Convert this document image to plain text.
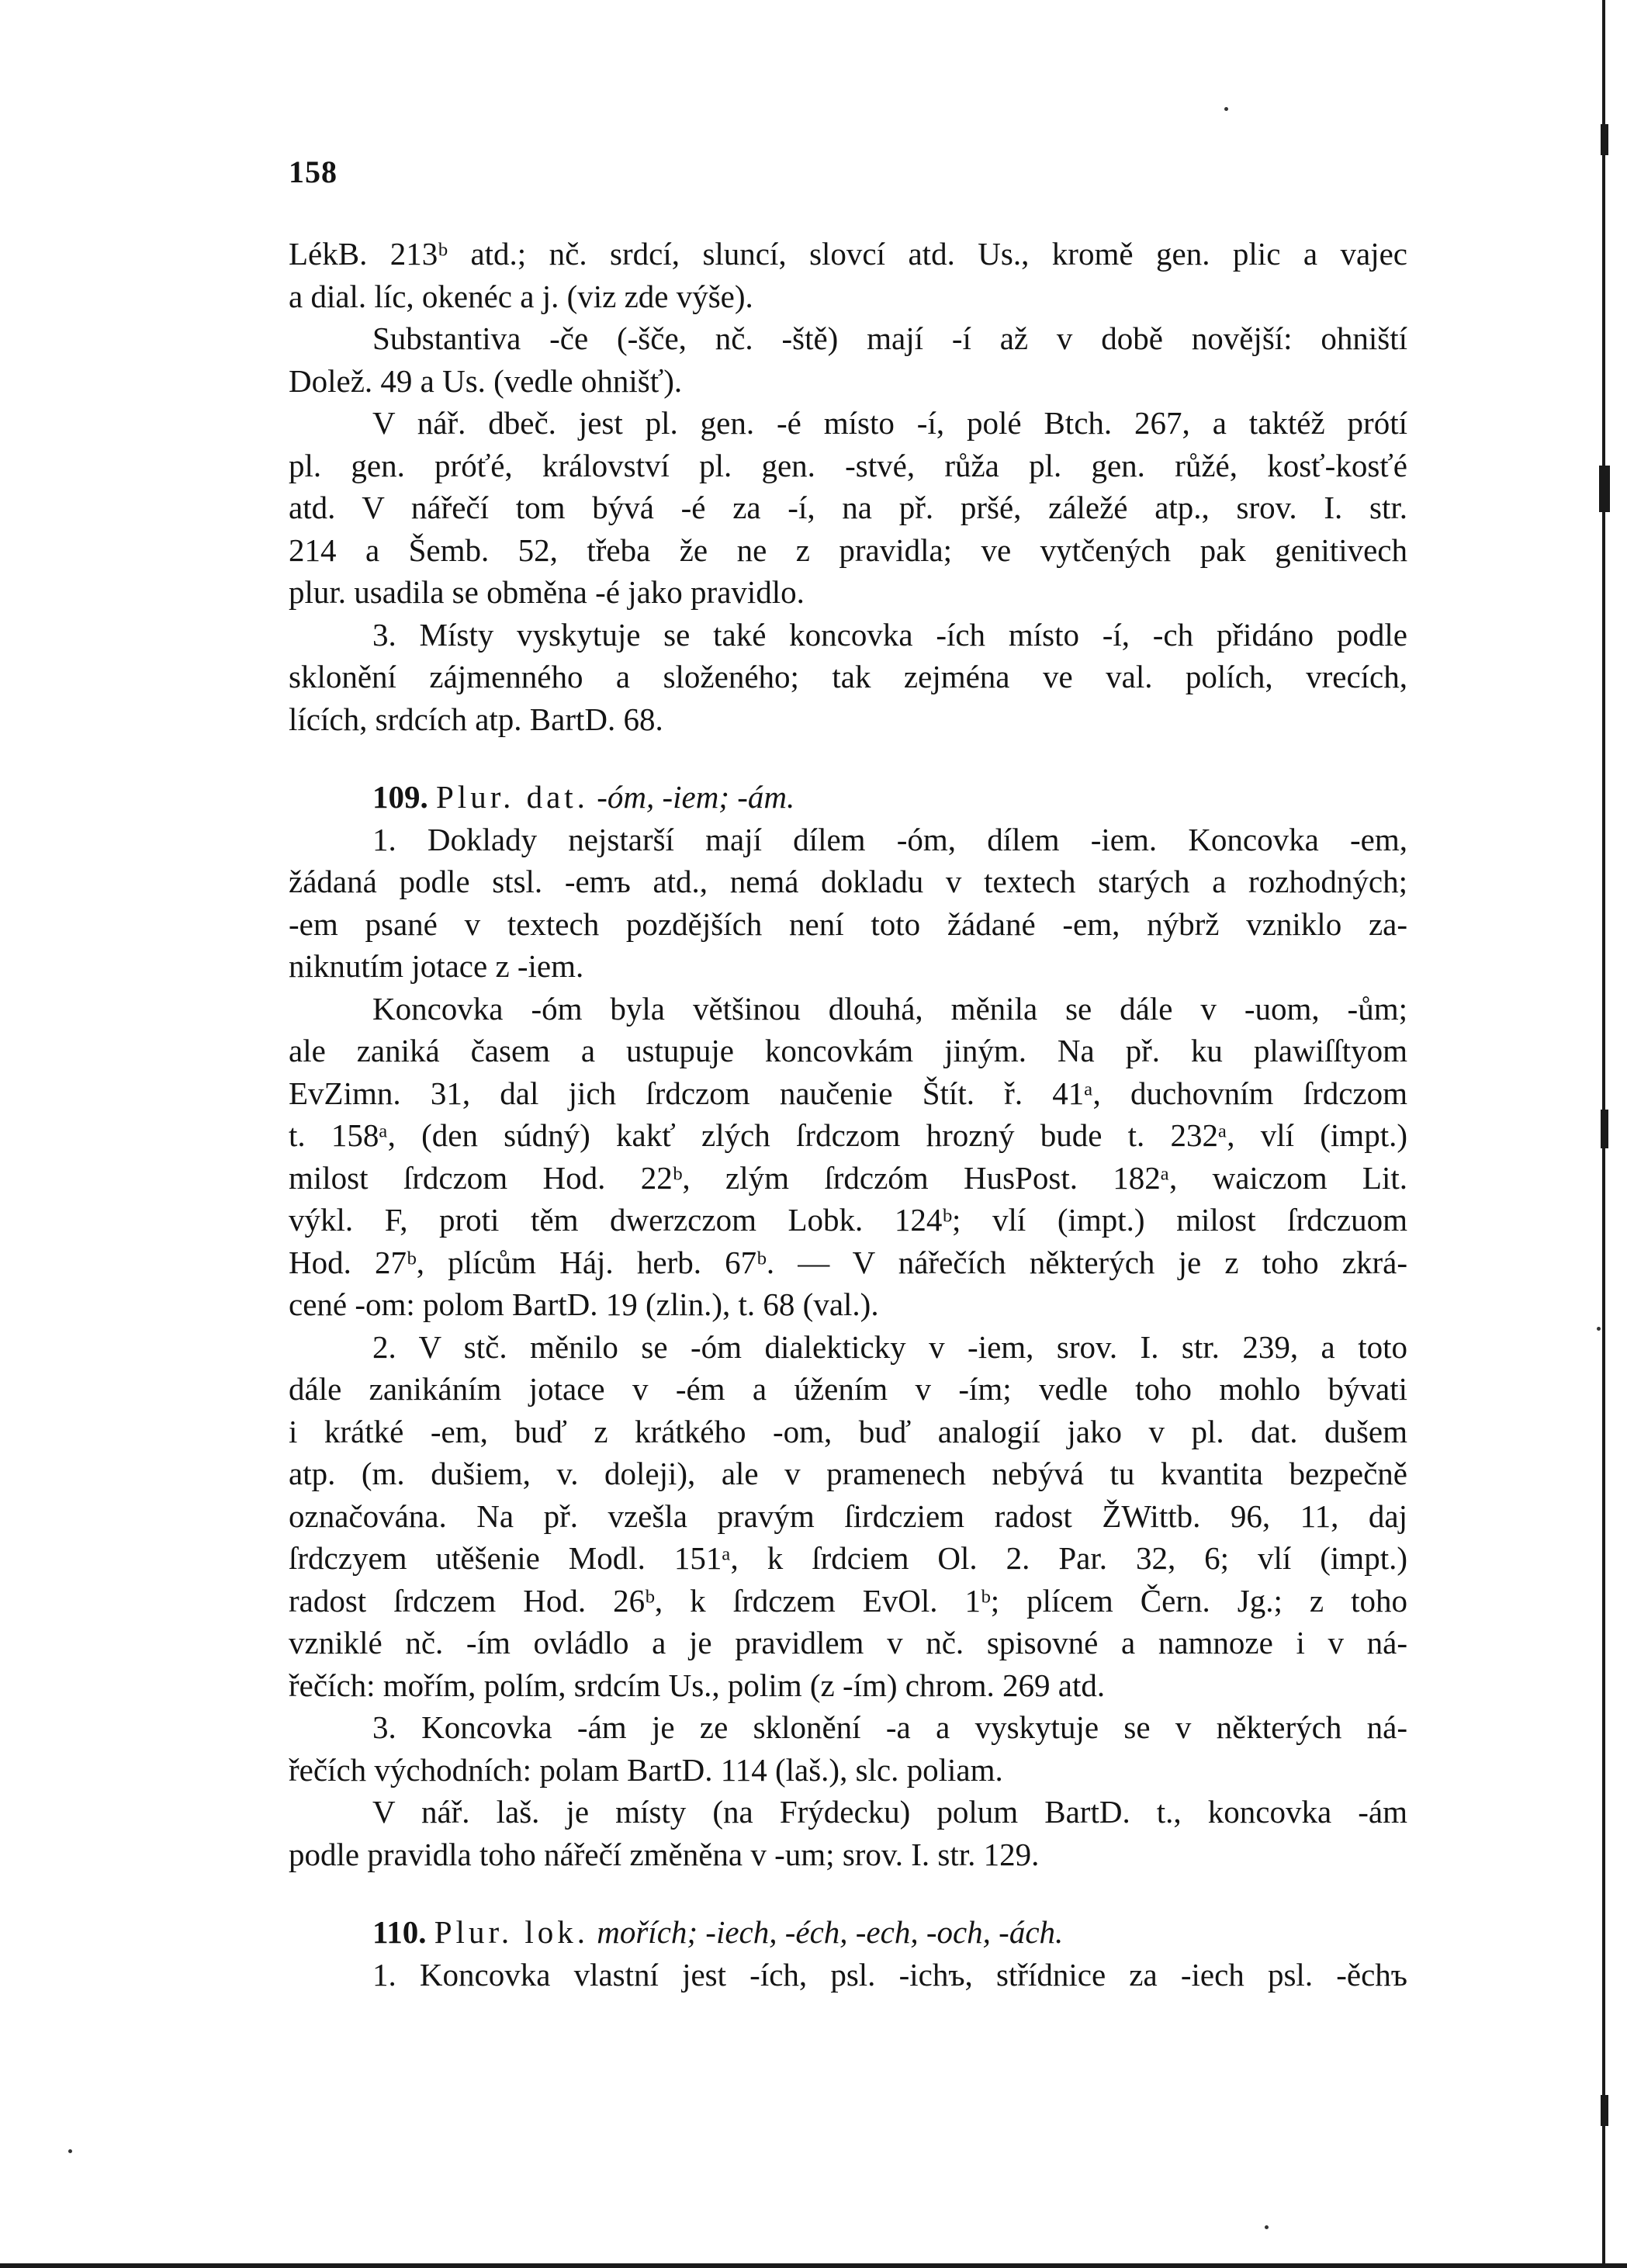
158
LékB. 213ᵇ atd.; nč. srdcí, sluncí, slovcí atd. Us., kromě gen. plic a vajec
a dial. líc, okenéc a j. (viz zde výše).
Substantiva -če (-šče, nč. -ště) mají -í až v době novější: ohniští
Dolež. 49 a Us. (vedle ohnišť).
V nář. dbeč. jest pl. gen. -é místo -í, polé Btch. 267, a taktéž prótí
pl. gen. próťé, království pl. gen. -stvé, růža pl. gen. růžé, kosť-kosťé
atd. V nářečí tom bývá -é za -í, na př. pršé, záležé atp., srov. I. str.
214 a Šemb. 52, třeba že ne z pravidla; ve vytčených pak genitivech
plur. usadila se obměna -é jako pravidlo.
3. Místy vyskytuje se také koncovka -ích místo -í, -ch přidáno podle
sklonění zájmenného a složeného; tak zejména ve val. polích, vrecích,
lících, srdcích atp. BartD. 68.
109. Plur. dat. -óm, -iem; -ám.
1. Doklady nejstarší mají dílem -óm, dílem -iem. Koncovka -em,
žádaná podle stsl. -emъ atd., nemá dokladu v textech starých a rozhodných;
-em psané v textech pozdějších není toto žádané -em, nýbrž vzniklo za-
niknutím jotace z -iem.
Koncovka -óm byla většinou dlouhá, měnila se dále v -uom, -ům;
ale zaniká časem a ustupuje koncovkám jiným. Na př. ku plawiſſtyom
EvZimn. 31, dal jich ſrdczom naučenie Štít. ř. 41ᵃ, duchovním ſrdczom
t. 158ᵃ, (den súdný) kakť zlých ſrdczom hrozný bude t. 232ᵃ, vlí (impt.)
milost ſrdczom Hod. 22ᵇ, zlým ſrdczóm HusPost. 182ᵃ, waiczom Lit.
výkl. F, proti těm dwerzczom Lobk. 124ᵇ; vlí (impt.) milost ſrdczuom
Hod. 27ᵇ, plícům Háj. herb. 67ᵇ. — V nářečích některých je z toho zkrá-
cené -om: polom BartD. 19 (zlin.), t. 68 (val.).
2. V stč. měnilo se -óm dialekticky v -iem, srov. I. str. 239, a toto
dále zanikáním jotace v -ém a úžením v -ím; vedle toho mohlo bývati
i krátké -em, buď z krátkého -om, buď analogií jako v pl. dat. dušem
atp. (m. dušiem, v. doleji), ale v pramenech nebývá tu kvantita bezpečně
označována. Na př. vzešla pravým ſirdcziem radost ŽWittb. 96, 11, daj
ſrdczyem utěšenie Modl. 151ᵃ, k ſrdciem Ol. 2. Par. 32, 6; vlí (impt.)
radost ſrdczem Hod. 26ᵇ, k ſrdczem EvOl. 1ᵇ; plícem Čern. Jg.; z toho
vzniklé nč. -ím ovládlo a je pravidlem v nč. spisovné a namnoze i v ná-
řečích: mořím, polím, srdcím Us., polim (z -ím) chrom. 269 atd.
3. Koncovka -ám je ze sklonění -a a vyskytuje se v některých ná-
řečích východních: polam BartD. 114 (laš.), slc. poliam.
V nář. laš. je místy (na Frýdecku) polum BartD. t., koncovka -ám
podle pravidla toho nářečí změněna v -um; srov. I. str. 129.
110. Plur. lok. mořích; -iech, -éch, -ech, -och, -ách.
1. Koncovka vlastní jest -ích, psl. -ichъ, střídnice za -iech psl. -ěchъ
